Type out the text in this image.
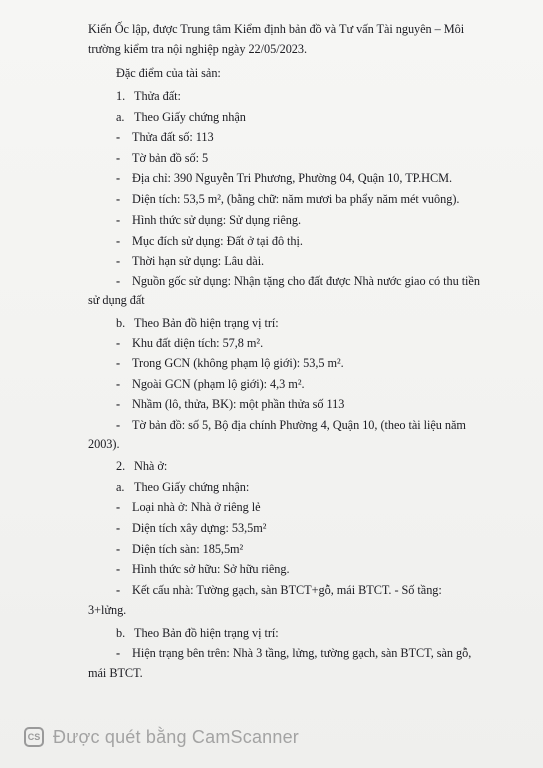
Kiến Ốc lập, được Trung tâm Kiểm định bản đồ và Tư vấn Tài nguyên – Môi
trường kiểm tra nội nghiệp ngày 22/05/2023.
Đặc điểm của tài sản:
1. Thửa đất:
a. Theo Giấy chứng nhận
- Thửa đất số: 113
- Tờ bản đồ số: 5
- Địa chỉ: 390 Nguyễn Tri Phương, Phường 04, Quận 10, TP.HCM.
- Diện tích: 53,5 m², (bằng chữ: năm mươi ba phẩy năm mét vuông).
- Hình thức sử dụng: Sử dụng riêng.
- Mục đích sử dụng: Đất ở tại đô thị.
- Thời hạn sử dụng: Lâu dài.
- Nguồn gốc sử dụng: Nhận tặng cho đất được Nhà nước giao có thu tiền
sử dụng đất
b. Theo Bản đồ hiện trạng vị trí:
- Khu đất diện tích: 57,8 m².
- Trong GCN (không phạm lộ giới): 53,5 m².
- Ngoài GCN (phạm lộ giới): 4,3 m².
- Nhầm (lô, thửa, BK): một phần thửa số 113
- Tờ bản đồ: số 5, Bộ địa chính Phường 4, Quận 10, (theo tài liệu năm
2003).
2. Nhà ở:
a. Theo Giấy chứng nhận:
- Loại nhà ở: Nhà ở riêng lẻ
- Diện tích xây dựng: 53,5m²
- Diện tích sàn: 185,5m²
- Hình thức sở hữu: Sở hữu riêng.
- Kết cấu nhà: Tường gạch, sàn BTCT+gỗ, mái BTCT. - Số tầng:
3+lửng.
b. Theo Bản đồ hiện trạng vị trí:
- Hiện trạng bên trên: Nhà 3 tầng, lửng, tường gạch, sàn BTCT, sàn gỗ,
mái BTCT.
CS Được quét bằng CamScanner
